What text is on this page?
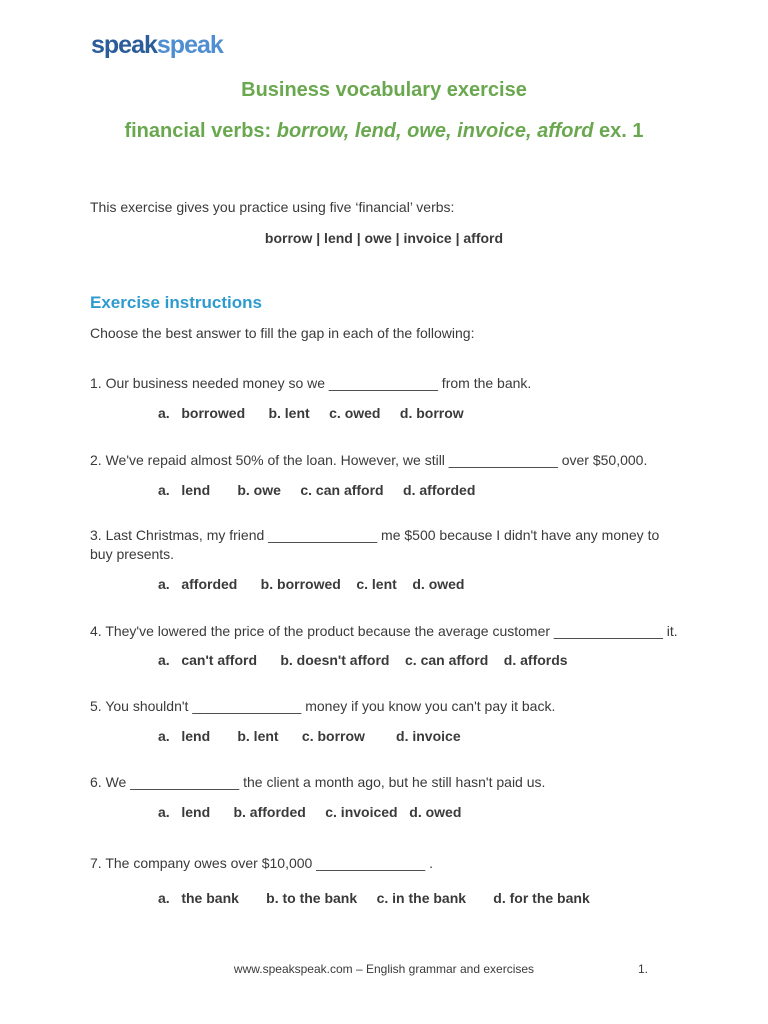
speakspeak
Business vocabulary exercise
financial verbs: borrow, lend, owe, invoice, afford ex. 1
This exercise gives you practice using five ‘financial’ verbs:
borrow | lend | owe | invoice | afford
Exercise instructions
Choose the best answer to fill the gap in each of the following:
1. Our business needed money so we ______________ from the bank.
a.   borrowed      b. lent     c. owed     d. borrow
2. We've repaid almost 50% of the loan. However, we still ______________ over $50,000.
a.   lend       b. owe     c. can afford     d. afforded
3. Last Christmas, my friend ______________ me $500 because I didn't have any money to buy presents.
a.   afforded      b. borrowed    c. lent    d. owed
4. They've lowered the price of the product because the average customer ______________ it.
a.   can't afford      b. doesn't afford    c. can afford    d. affords
5. You shouldn't ______________ money if you know you can't pay it back.
a.   lend       b. lent      c. borrow        d. invoice
6. We ______________ the client a month ago, but he still hasn't paid us.
a.   lend      b. afforded     c. invoiced   d. owed
7. The company owes over $10,000 ______________ .
a.   the bank       b. to the bank     c. in the bank       d. for the bank
www.speakspeak.com – English grammar and exercises	1.
